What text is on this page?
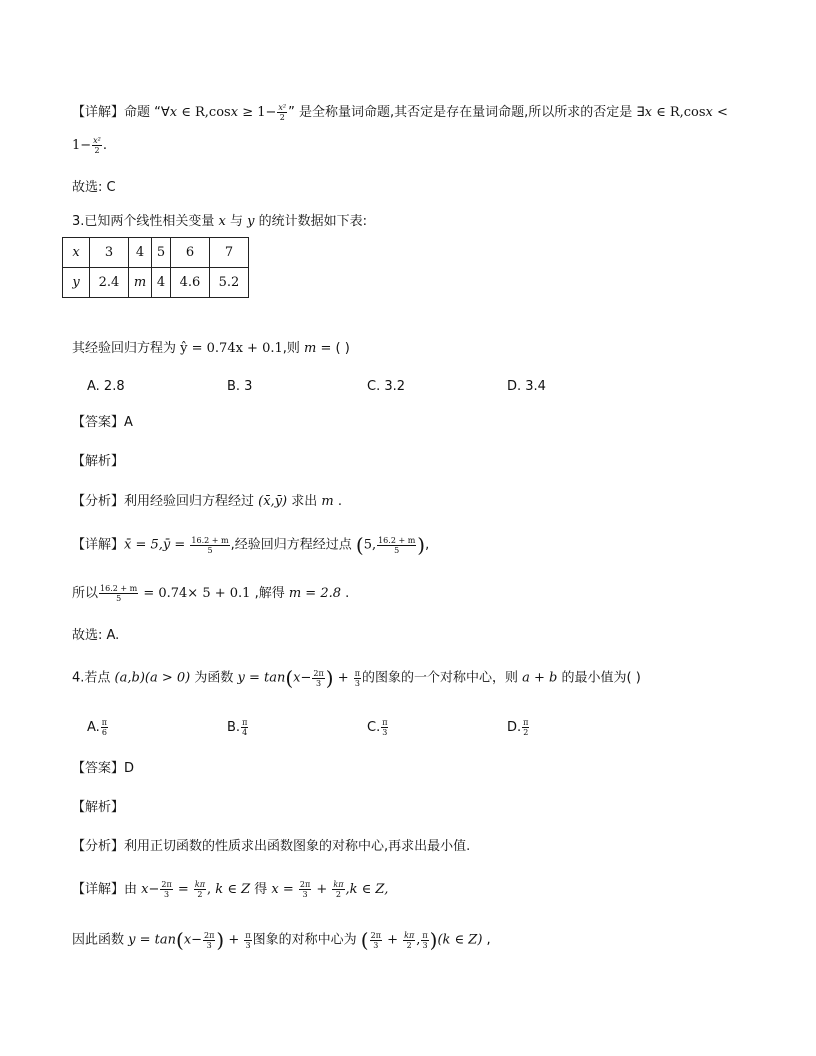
【详解】命题 “∀x ∈ $R,\cos x \ge 1- \frac{\text{x²}}{2}$ ” 是全称量词命题,其否定是存在量词命题,所以所求的否定是 ∃x ∈ R,cosx <
$1- \frac{\text{x²}}{2}$ .
故选: C
3.已知两个线性相关变量 x 与 y 的统计数据如下表:
x	3	4	5	6	7
y	2.4	m	4	4.6	5.2
其经验回归方程为 ŷ = 0.74x + 0.1,则 m = ( )
A. 2.8	B. 3	C. 3.2	D. 3.4
【答案】A
【解析】
【分析】利用经验回归方程经过 (x̄,ȳ) 求出 m .
【详解】x̄ = 5,ȳ = $\frac{16.2 + m}{5}$ ,经验回归方程经过点 (5, $\frac{16.2 + m}{5}$ ),
所以 $\frac{16.2 + m}{5} = 0.74\times 5 + 0.1$ ,解得 m = 2.8 .
故选: A.
4.若点 (a,b)(a > 0) 为函数 $y = \tan(x- \frac{2\pi}{3}$ ) + $\frac{\pi}{3}$ 的图象的一个对称中心，则 a + b 的最小值为( )
A. $\frac{\pi}{6}$	B. $\frac{\pi}{4}$	C. $\frac{\pi}{3}$	D. $\frac{\pi}{2}$
【答案】D
【解析】
【分析】利用正切函数的性质求出函数图象的对称中心,再求出最小值.
【详解】由 $x- \frac{2\pi}{3} = \frac{k\pi}{2}$ , k ∈ Z 得 $x = \frac{2\pi}{3} + \frac{k\pi}{2} ,k$ ∈ Z,
因此函数 $y = \tan(x- \frac{2\pi}{3}$ ) + $\frac{\pi}{3}$ 图象的对称中心为 ( $\frac{2\pi}{3} + \frac{k\pi}{2}$ , $\frac{\pi}{3} )(k$ ∈ Z) ,
